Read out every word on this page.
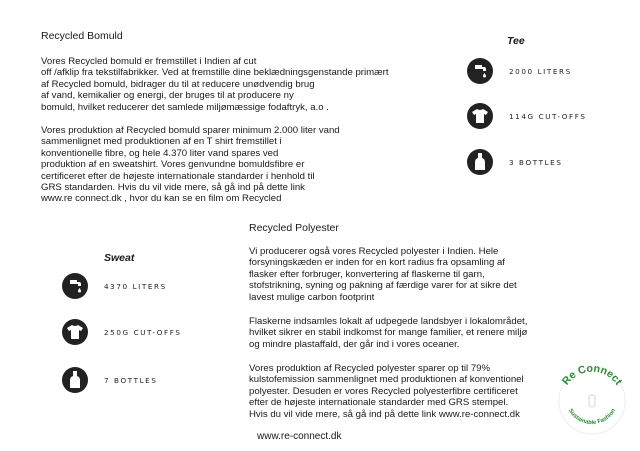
Recycled Bomuld

Vores Recycled bomuld er fremstillet i Indien af cut

off /afklip fra tekstilfabrikker. Ved at fremstille dine beklædningsgenstande primært

af Recycled bomuld, bidrager du til at reducere unødvendig brug

af vand, kemikalier og energi, der bruges til at producere ny

bomuld, hvilket reducerer det samlede miljømæssige fodaftryk, a.o .

Vores produktion af Recycled bomuld sparer minimum 2.000 liter vand

sammenlignet med produktionen af en T shirt fremstillet i

konventionelle fibre, og hele 4.370 liter vand spares ved

produktion af en sweatshirt. Vores genvundne bomuldsfibre er

certificeret efter de højeste internationale standarder i henhold til

GRS standarden. Hvis du vil vide mere, så gå ind på dette link

www.re connect.dk , hvor du kan se en film om Recycled

Tee
2000 LITERS
114G CUT-OFFS
3 BOTTLES
Recycled Polyester

Vi producerer også vores Recycled polyester i Indien. Hele

forsyningskæden er inden for en kort radius fra opsamling af

flasker efter forbruger, konvertering af flaskerne til garn,

stofstrikning, syning og pakning af færdige varer for at sikre det

lavest mulige carbon footprint

Flaskerne indsamles lokalt af udpegede landsbyer i lokalområdet,

hvilket sikrer en stabil indkomst for mange familier, et renere miljø

og mindre plastaffald, der går ind i vores oceaner.

Vores produktion af Recycled polyester sparer op til 79%

kulstofemission sammenlignet med produktionen af konventionel

polyester. Desuden er vores Recycled polyesterfibre certificeret

efter de højeste internationale standarder med GRS stempel.

Hvis du vil vide mere, så gå ind på dette link www.re-connect.dk

Sweat
4370 LITERS
250G CUT-OFFS
7 BOTTLES	Re Connect
Sustainable Fashion
www.re-connect.dk
